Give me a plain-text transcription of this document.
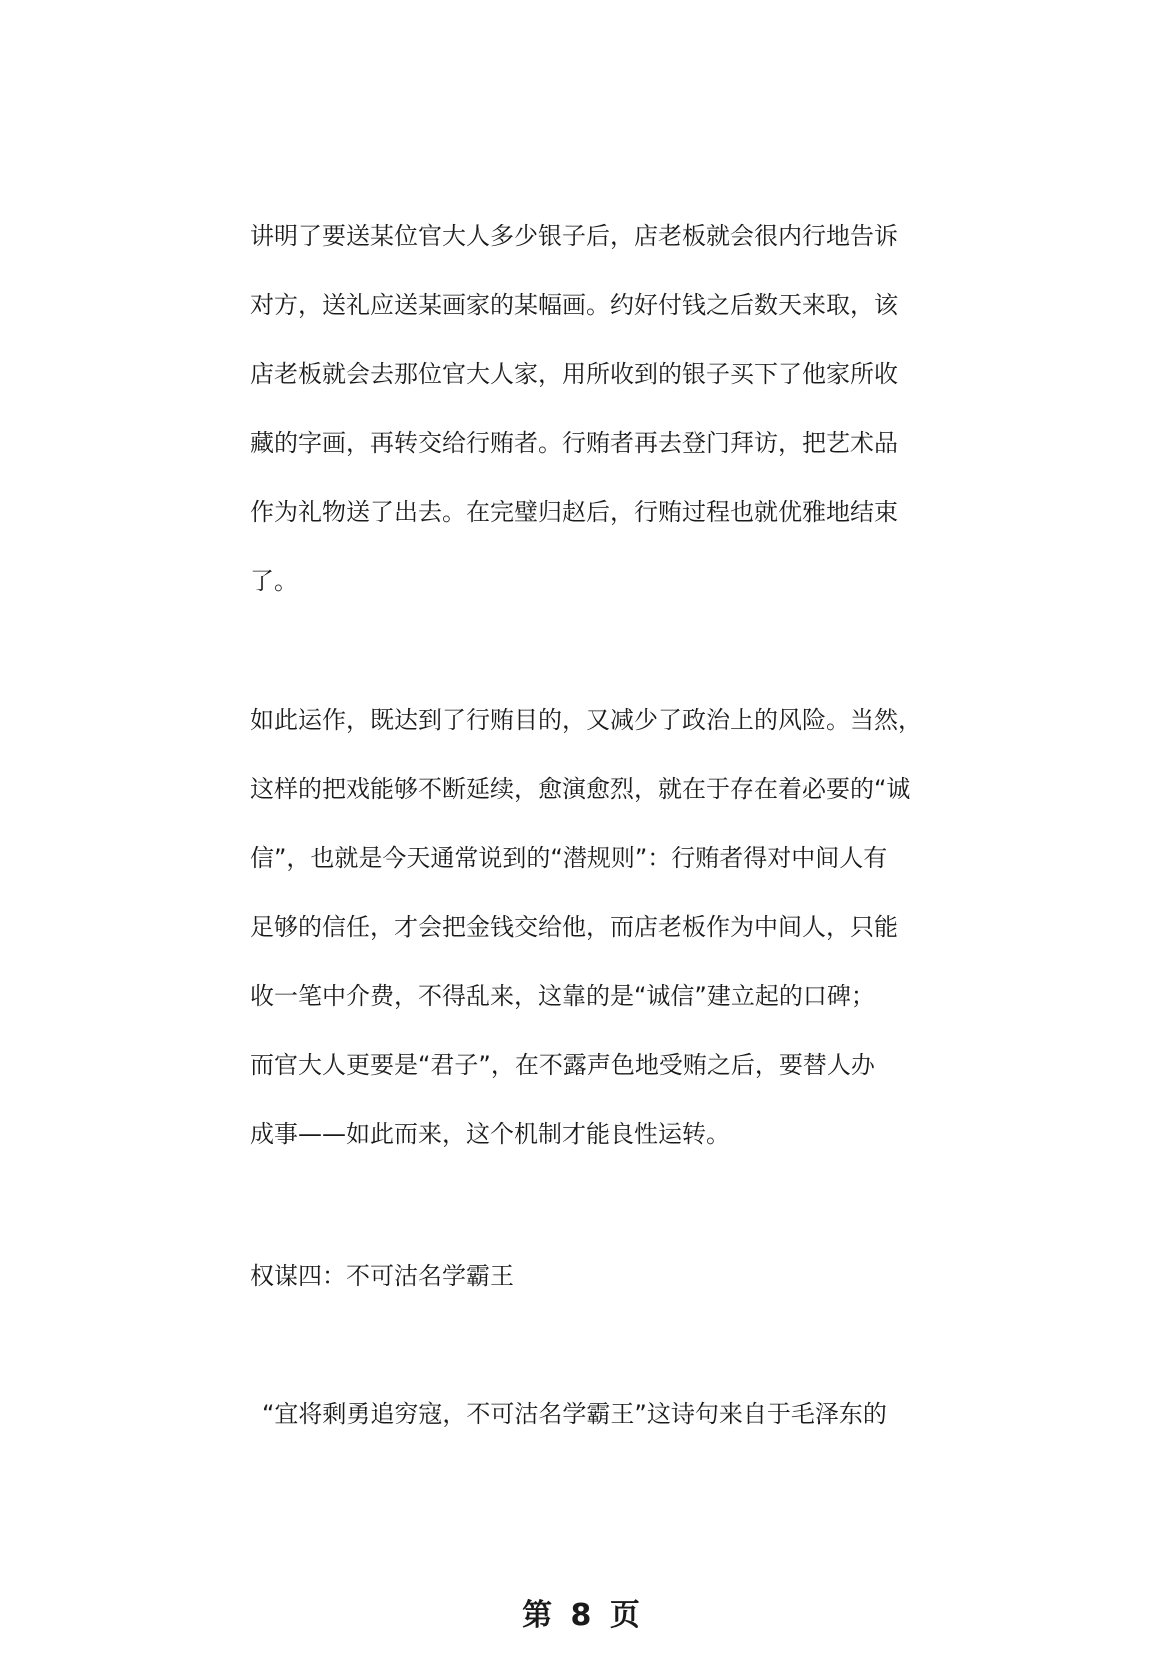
讲明了要送某位官大人多少银子后，店老板就会很内行地告诉
对方，送礼应送某画家的某幅画。约好付钱之后数天来取，该
店老板就会去那位官大人家，用所收到的银子买下了他家所收
藏的字画，再转交给行贿者。行贿者再去登门拜访，把艺术品
作为礼物送了出去。在完璧归赵后，行贿过程也就优雅地结束
了。
如此运作，既达到了行贿目的，又减少了政治上的风险。当然，
这样的把戏能够不断延续，愈演愈烈，就在于存在着必要的“诚
信”，也就是今天通常说到的“潜规则”：行贿者得对中间人有
足够的信任，才会把金钱交给他，而店老板作为中间人，只能
收一笔中介费，不得乱来，这靠的是“诚信”建立起的口碑；
而官大人更要是“君子”，在不露声色地受贿之后，要替人办
成事——如此而来，这个机制才能良性运转。
权谋四：不可沽名学霸王
“宜将剩勇追穷寇，不可沽名学霸王”这诗句来自于毛泽东的
第 8 页
